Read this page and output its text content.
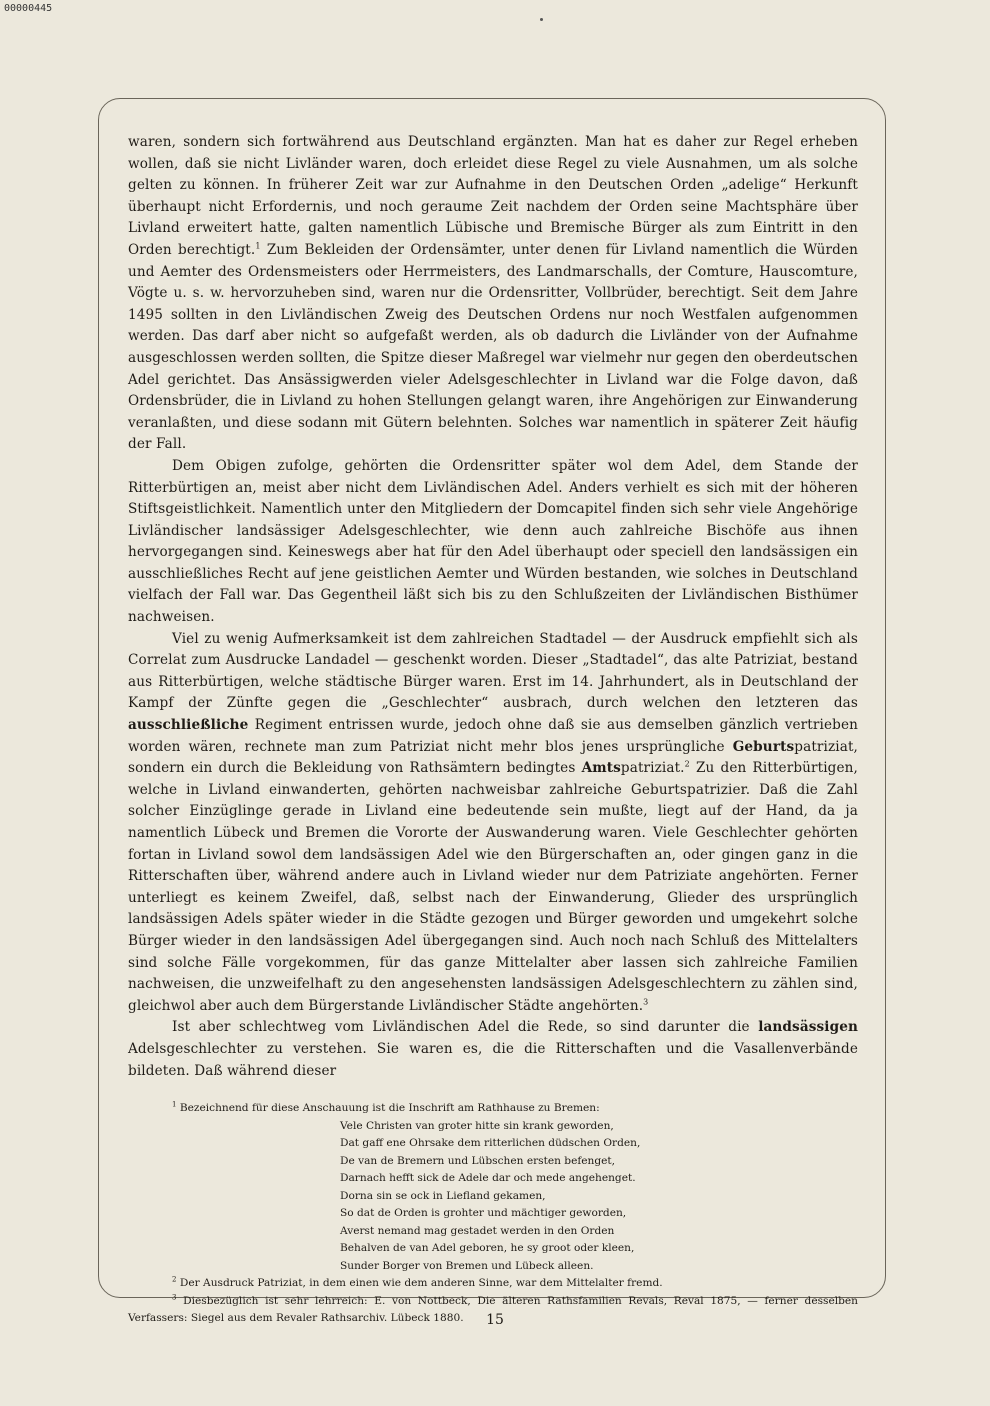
00000445

waren, sondern sich fortwährend aus Deutschland ergänzten. Man hat es daher zur Regel erheben wollen, daß sie nicht Livländer waren, doch erleidet diese Regel zu viele Ausnahmen, um als solche gelten zu können. In früherer Zeit war zur Aufnahme in den Deutschen Orden „adelige“ Herkunft überhaupt nicht Erfordernis, und noch geraume Zeit nachdem der Orden seine Machtsphäre über Livland erweitert hatte, galten namentlich Lübische und Bremische Bürger als zum Eintritt in den Orden berechtigt.$^1$ Zum Bekleiden der Ordensämter, unter denen für Livland namentlich die Würden und Aemter des Ordensmeisters oder Herrmeisters, des Landmarschalls, der Comture, Hauscomture, Vögte u. s. w. hervorzuheben sind, waren nur die Ordensritter, Vollbrüder, berechtigt. Seit dem Jahre 1495 sollten in den Livländischen Zweig des Deutschen Ordens nur noch Westfalen aufgenommen werden. Das darf aber nicht so aufgefaßt werden, als ob dadurch die Livländer von der Aufnahme ausgeschlossen werden sollten, die Spitze dieser Maßregel war vielmehr nur gegen den oberdeutschen Adel gerichtet. Das Ansässigwerden vieler Adelsgeschlechter in Livland war die Folge davon, daß Ordensbrüder, die in Livland zu hohen Stellungen gelangt waren, ihre Angehörigen zur Einwanderung veranlaßten, und diese sodann mit Gütern belehnten. Solches war namentlich in späterer Zeit häufig der Fall.

Dem Obigen zufolge, gehörten die Ordensritter später wol dem Adel, dem Stande der Ritterbürtigen an, meist aber nicht dem Livländischen Adel. Anders verhielt es sich mit der höheren Stiftsgeistlichkeit. Namentlich unter den Mitgliedern der Domcapitel finden sich sehr viele Angehörige Livländischer landsässiger Adelsgeschlechter, wie denn auch zahlreiche Bischöfe aus ihnen hervorgegangen sind. Keineswegs aber hat für den Adel überhaupt oder speciell den landsässigen ein ausschließliches Recht auf jene geistlichen Aemter und Würden bestanden, wie solches in Deutschland vielfach der Fall war. Das Gegentheil läßt sich bis zu den Schlußzeiten der Livländischen Bisthümer nachweisen.

Viel zu wenig Aufmerksamkeit ist dem zahlreichen Stadtadel — der Ausdruck empfiehlt sich als Correlat zum Ausdrucke Landadel — geschenkt worden. Dieser „Stadtadel“, das alte Patriziat, bestand aus Ritterbürtigen, welche städtische Bürger waren. Erst im 14. Jahrhundert, als in Deutschland der Kampf der Zünfte gegen die „Geschlechter“ ausbrach, durch welchen den letzteren das ausschließliche Regiment entrissen wurde, jedoch ohne daß sie aus demselben gänzlich vertrieben worden wären, rechnete man zum Patriziat nicht mehr blos jenes ursprüngliche Geburtspatriziat, sondern ein durch die Bekleidung von Rathsämtern bedingtes Amtspatriziat.$^2$ Zu den Ritterbürtigen, welche in Livland einwanderten, gehörten nachweisbar zahlreiche Geburtspatrizier. Daß die Zahl solcher Einzüglinge gerade in Livland eine bedeutende sein mußte, liegt auf der Hand, da ja namentlich Lübeck und Bremen die Vororte der Auswanderung waren. Viele Geschlechter gehörten fortan in Livland sowol dem landsässigen Adel wie den Bürgerschaften an, oder gingen ganz in die Ritterschaften über, während andere auch in Livland wieder nur dem Patriziate angehörten. Ferner unterliegt es keinem Zweifel, daß, selbst nach der Einwanderung, Glieder des ursprünglich landsässigen Adels später wieder in die Städte gezogen und Bürger geworden und umgekehrt solche Bürger wieder in den landsässigen Adel übergegangen sind. Auch noch nach Schluß des Mittelalters sind solche Fälle vorgekommen, für das ganze Mittelalter aber lassen sich zahlreiche Familien nachweisen, die unzweifelhaft zu den angesehensten landsässigen Adelsgeschlechtern zu zählen sind, gleichwol aber auch dem Bürgerstande Livländischer Städte angehörten.$^3$

Ist aber schlechtweg vom Livländischen Adel die Rede, so sind darunter die landsässigen Adelsgeschlechter zu verstehen. Sie waren es, die die Ritterschaften und die Vasallenverbände bildeten. Daß während dieser

$^1$ Bezeichnend für diese Anschauung ist die Inschrift am Rathhause zu Bremen:

Vele Christen van groter hitte sin krank geworden,
Dat gaff ene Ohrsake dem ritterlichen düdschen Orden,
De van de Bremern und Lübschen ersten befenget,
Darnach hefft sick de Adele dar och mede angehenget.
Dorna sin se ock in Liefland gekamen,
So dat de Orden is grohter und mächtiger geworden,
Averst nemand mag gestadet werden in den Orden
Behalven de van Adel geboren, he sy groot oder kleen,
Sunder Borger von Bremen und Lübeck alleen.

$^2$ Der Ausdruck Patriziat, in dem einen wie dem anderen Sinne, war dem Mittelalter fremd.

$^3$ Diesbezüglich ist sehr lehrreich: E. von Nottbeck, Die älteren Rathsfamilien Revals, Reval 1875, — ferner desselben Verfassers: Siegel aus dem Revaler Rathsarchiv. Lübeck 1880.	15
